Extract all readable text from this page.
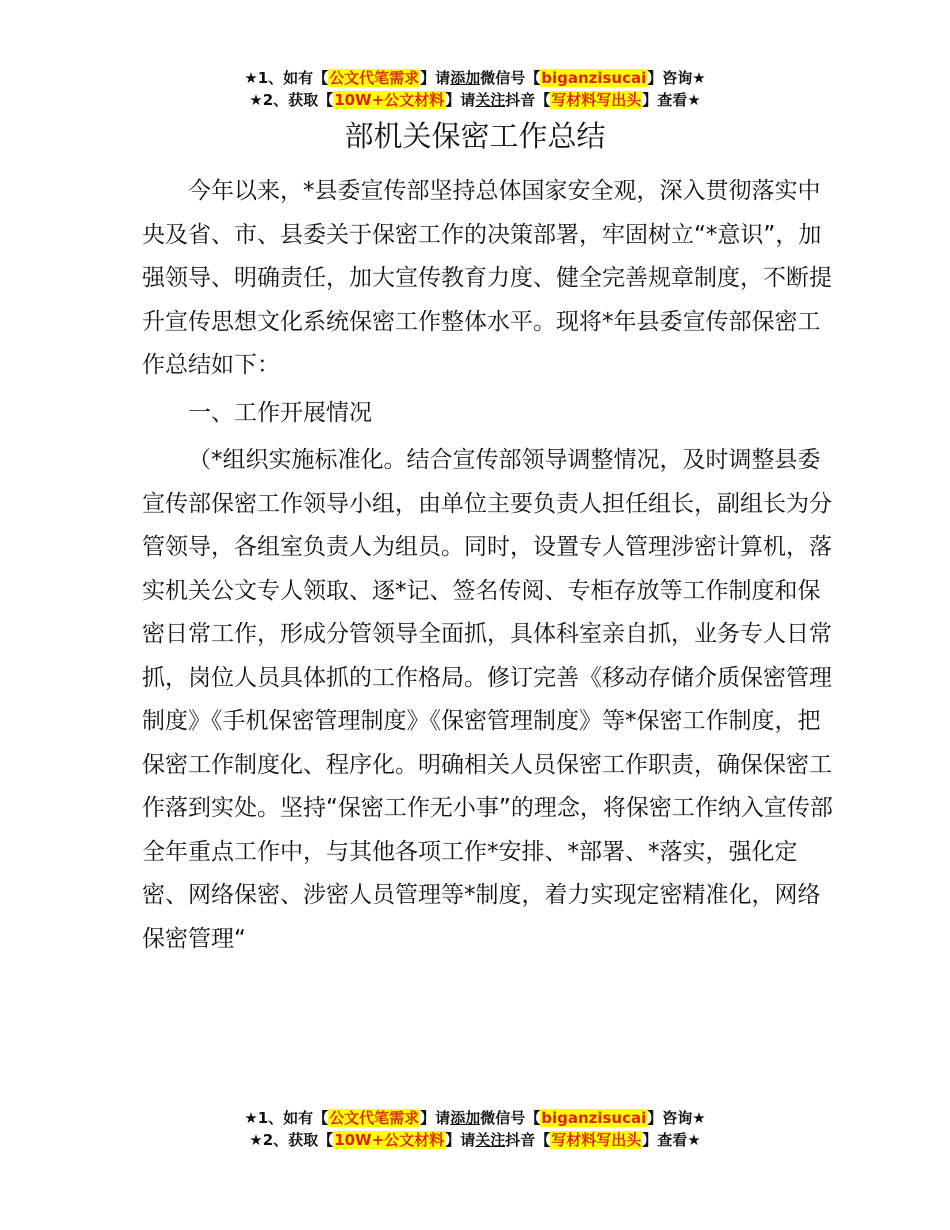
★1、如有【公文代笔需求】请添加微信号【biganzisucai】咨询★
★2、获取【10W+公文材料】请关注抖音【写材料写出头】查看★
部机关保密工作总结

今年以来，*县委宣传部坚持总体国家安全观，深入贯彻落实中央及省、市、县委关于保密工作的决策部署，牢固树立“*意识”，加强领导、明确责任，加大宣传教育力度、健全完善规章制度，不断提升宣传思想文化系统保密工作整体水平。现将*年县委宣传部保密工作总结如下：

一、工作开展情况

（*组织实施标准化。结合宣传部领导调整情况，及时调整县委宣传部保密工作领导小组，由单位主要负责人担任组长，副组长为分管领导，各组室负责人为组员。同时，设置专人管理涉密计算机，落实机关公文专人领取、逐*记、签名传阅、专柜存放等工作制度和保密日常工作，形成分管领导全面抓，具体科室亲自抓，业务专人日常抓，岗位人员具体抓的工作格局。修订完善《移动存储介质保密管理制度》《手机保密管理制度》《保密管理制度》等*保密工作制度，把保密工作制度化、程序化。明确相关人员保密工作职责，确保保密工作落到实处。坚持“保密工作无小事”的理念，将保密工作纳入宣传部全年重点工作中，与其他各项工作*安排、*部署、*落实，强化定密、网络保密、涉密人员管理等*制度，着力实现定密精准化，网络保密管理“

★1、如有【公文代笔需求】请添加微信号【biganzisucai】咨询★
★2、获取【10W+公文材料】请关注抖音【写材料写出头】查看★
